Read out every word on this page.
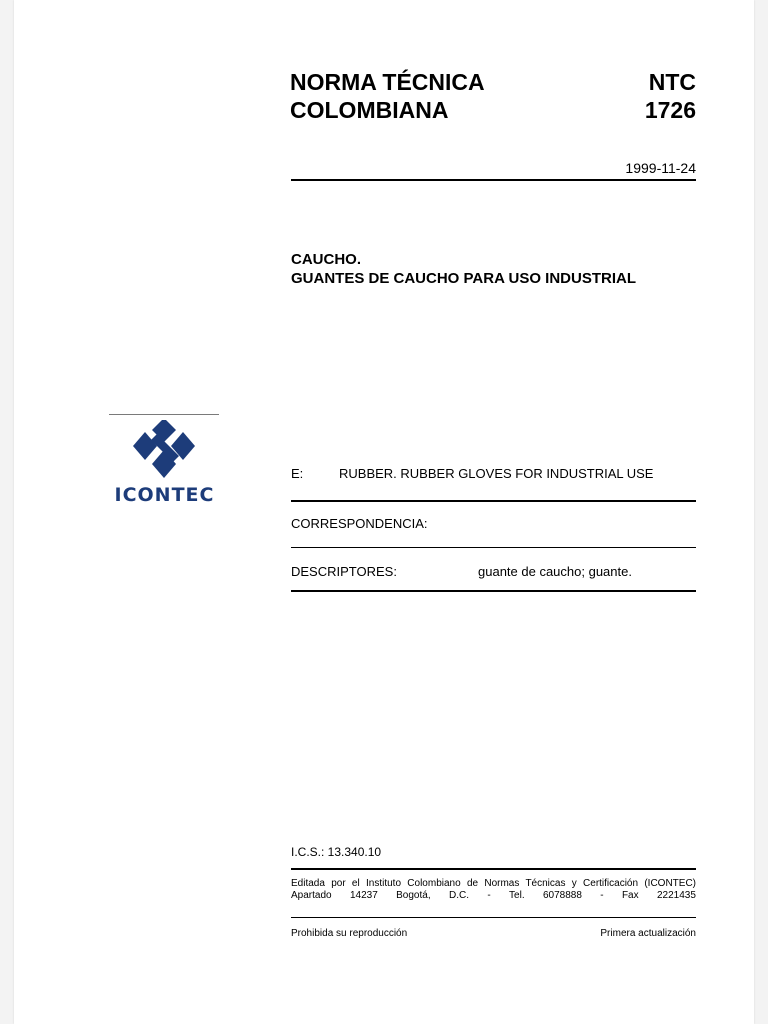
NORMA TÉCNICA
COLOMBIANA
NTC
1726
1999-11-24
CAUCHO.
GUANTES DE CAUCHO PARA USO INDUSTRIAL
ICONTEC
E:	RUBBER. RUBBER GLOVES FOR INDUSTRIAL USE
CORRESPONDENCIA:
DESCRIPTORES:	guante de caucho; guante.
I.C.S.: 13.340.10
Editada por el Instituto Colombiano de Normas Técnicas y Certificación (ICONTEC)
Apartado 14237 Bogotá, D.C. - Tel. 6078888 - Fax 2221435
Prohibida su reproducción	Primera actualización
